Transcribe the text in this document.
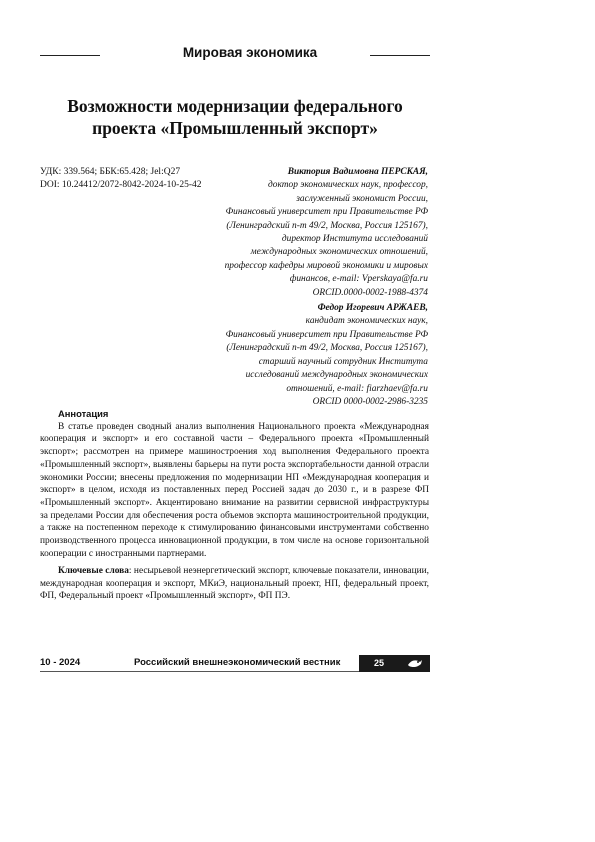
Мировая экономика
Возможности модернизации федерального
проекта «Промышленный экспорт»
УДК: 339.564; ББК:65.428; Jel:Q27
DOI: 10.24412/2072-8042-2024-10-25-42
Виктория Вадимовна ПЕРСКАЯ,
доктор экономических наук, профессор,
заслуженный экономист России,
Финансовый университет при Правительстве РФ
(Ленинградский п-т 49/2, Москва, Россия 125167),
директор Института исследований
международных экономических отношений,
профессор кафедры мировой экономики и мировых
финансов, e-mail: Vperskaya@fa.ru
ORCID.0000-0002-1988-4374
Федор Игоревич АРЖАЕВ,
кандидат экономических наук,
Финансовый университет при Правительстве РФ
(Ленинградский п-т 49/2, Москва, Россия 125167),
старший научный сотрудник Института
исследований международных экономических
отношений, e-mail: fiarzhaev@fa.ru
ORCID 0000-0002-2986-3235
Аннотация

В статье проведен сводный анализ выполнения Национального проекта «Международная кооперация и экспорт» и его составной части – Федерального проекта «Промышленный экспорт»; рассмотрен на примере машиностроения ход выполнения Федерального проекта «Промышленный экспорт», выявлены барьеры на пути роста экспортабельности данной отрасли экономики России; внесены предложения по модернизации НП «Международная кооперация и экспорт» в целом, исходя из поставленных перед Россией задач до 2030 г., и в разрезе ФП «Промышленный экспорт». Акцентировано внимание на развитии сервисной инфраструктуры за пределами России для обеспечения роста объемов экспорта машиностроительной продукции, а также на постепенном переходе к стимулированию финансовыми инструментами собственно производственного процесса инновационной продукции, в том числе на основе горизонтальной кооперации с иностранными партнерами.

Ключевые слова: несырьевой неэнергетический экспорт, ключевые показатели, инновации, международная кооперация и экспорт, МКиЭ, национальный проект, НП, федеральный проект, ФП, Федеральный проект «Промышленный экспорт», ФП ПЭ.
10 - 2024	Российский внешнеэкономический вестник	25
